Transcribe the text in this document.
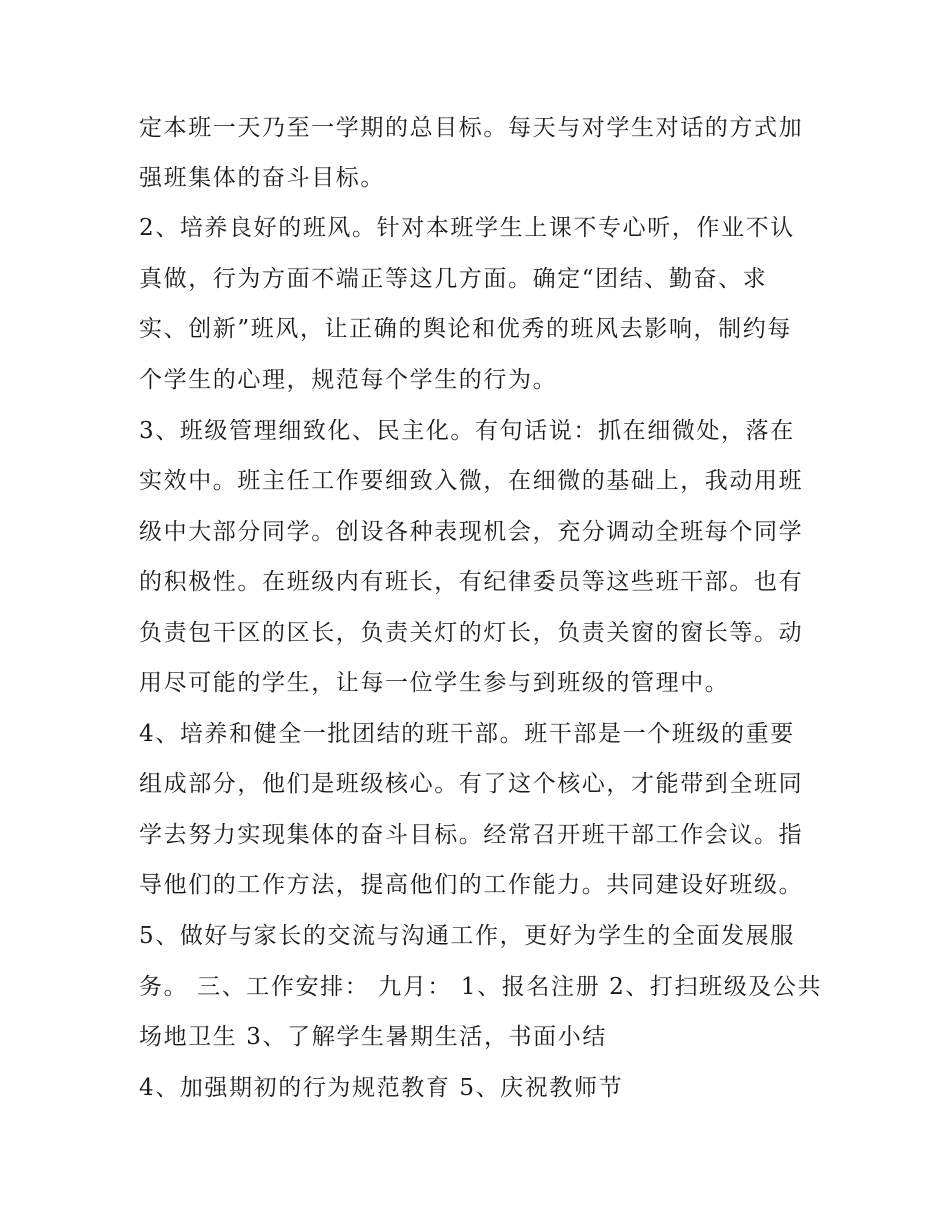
定本班一天乃至一学期的总目标。每天与对学生对话的方式加

强班集体的奋斗目标。

2、培养良好的班风。针对本班学生上课不专心听，作业不认

真做，行为方面不端正等这几方面。确定“团结、勤奋、求

实、创新”班风，让正确的舆论和优秀的班风去影响，制约每

个学生的心理，规范每个学生的行为。

3、班级管理细致化、民主化。有句话说：抓在细微处，落在

实效中。班主任工作要细致入微，在细微的基础上，我动用班

级中大部分同学。创设各种表现机会，充分调动全班每个同学

的积极性。在班级内有班长，有纪律委员等这些班干部。也有

负责包干区的区长，负责关灯的灯长，负责关窗的窗长等。动

用尽可能的学生，让每一位学生参与到班级的管理中。

4、培养和健全一批团结的班干部。班干部是一个班级的重要

组成部分，他们是班级核心。有了这个核心，才能带到全班同

学去努力实现集体的奋斗目标。经常召开班干部工作会议。指

导他们的工作方法，提高他们的工作能力。共同建设好班级。

5、做好与家长的交流与沟通工作，更好为学生的全面发展服

务。 三、工作安排： 九月： 1、报名注册 2、打扫班级及公共

场地卫生 3、了解学生暑期生活，书面小结

4、加强期初的行为规范教育 5、庆祝教师节
